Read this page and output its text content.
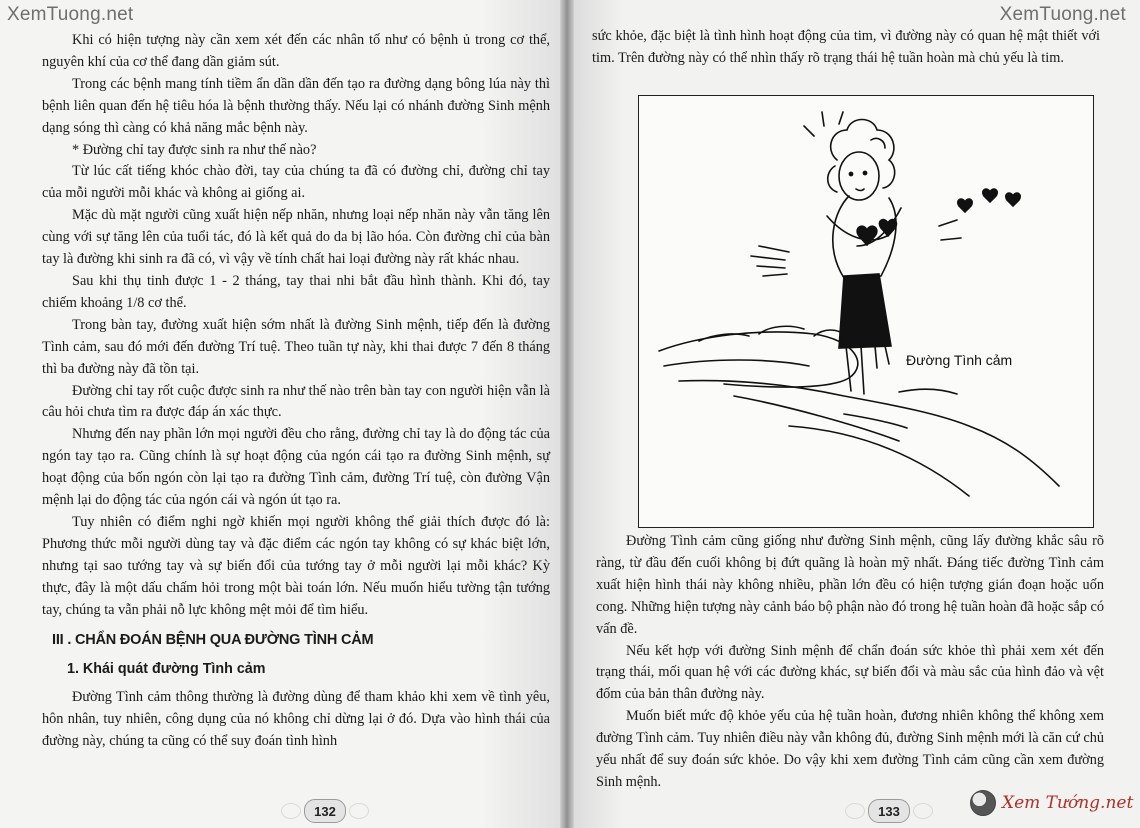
XemTuong.net	XemTuong.net

Khi có hiện tượng này cần xem xét đến các nhân tố như có bệnh ủ trong cơ thể, nguyên khí của cơ thể đang dần giảm sút.

Trong các bệnh mang tính tiềm ẩn dần dần đến tạo ra đường dạng bông lúa này thì bệnh liên quan đến hệ tiêu hóa là bệnh thường thấy. Nếu lại có nhánh đường Sinh mệnh dạng sóng thì càng có khả năng mắc bệnh này.

* Đường chỉ tay được sinh ra như thế nào?

Từ lúc cất tiếng khóc chào đời, tay của chúng ta đã có đường chỉ, đường chỉ tay của mỗi người mỗi khác và không ai giống ai.

Mặc dù mặt người cũng xuất hiện nếp nhăn, nhưng loại nếp nhăn này vẫn tăng lên cùng với sự tăng lên của tuổi tác, đó là kết quả do da bị lão hóa. Còn đường chỉ của bàn tay là đường khi sinh ra đã có, vì vậy về tính chất hai loại đường này rất khác nhau.

Sau khi thụ tinh được 1 - 2 tháng, tay thai nhi bắt đầu hình thành. Khi đó, tay chiếm khoảng 1/8 cơ thể.

Trong bàn tay, đường xuất hiện sớm nhất là đường Sinh mệnh, tiếp đến là đường Tình cảm, sau đó mới đến đường Trí tuệ. Theo tuần tự này, khi thai được 7 đến 8 tháng thì ba đường này đã tồn tại.

Đường chỉ tay rốt cuộc được sinh ra như thế nào trên bàn tay con người hiện vẫn là câu hỏi chưa tìm ra được đáp án xác thực.

Nhưng đến nay phần lớn mọi người đều cho rằng, đường chỉ tay là do động tác của ngón tay tạo ra. Cũng chính là sự hoạt động của ngón cái tạo ra đường Sinh mệnh, sự hoạt động của bốn ngón còn lại tạo ra đường Tình cảm, đường Trí tuệ, còn đường Vận mệnh lại do động tác của ngón cái và ngón út tạo ra.

Tuy nhiên có điểm nghi ngờ khiến mọi người không thể giải thích được đó là: Phương thức mỗi người dùng tay và đặc điểm các ngón tay không có sự khác biệt lớn, nhưng tại sao tướng tay và sự biến đổi của tướng tay ở mỗi người lại mỗi khác? Kỳ thực, đây là một dấu chấm hỏi trong một bài toán lớn. Nếu muốn hiểu tường tận tướng tay, chúng ta vẫn phải nỗ lực không mệt mỏi để tìm hiểu.

III . CHẨN ĐOÁN BỆNH QUA ĐƯỜNG TÌNH CẢM
1. Khái quát đường Tình cảm

Đường Tình cảm thông thường là đường dùng để tham khảo khi xem về tình yêu, hôn nhân, tuy nhiên, công dụng của nó không chỉ dừng lại ở đó. Dựa vào hình thái của đường này, chúng ta cũng có thể suy đoán tình hình

sức khỏe, đặc biệt là tình hình hoạt động của tim, vì đường này có quan hệ mật thiết với tim. Trên đường này có thể nhìn thấy rõ trạng thái hệ tuần hoàn mà chủ yếu là tim.

Đường Tình cảm

Đường Tình cảm cũng giống như đường Sinh mệnh, cũng lấy đường khắc sâu rõ ràng, từ đầu đến cuối không bị đứt quãng là hoàn mỹ nhất. Đáng tiếc đường Tình cảm xuất hiện hình thái này không nhiều, phần lớn đều có hiện tượng gián đoạn hoặc uốn cong. Những hiện tượng này cảnh báo bộ phận nào đó trong hệ tuần hoàn đã hoặc sắp có vấn đề.

Nếu kết hợp với đường Sinh mệnh để chẩn đoán sức khỏe thì phải xem xét đến trạng thái, mối quan hệ với các đường khác, sự biến đổi và màu sắc của hình đảo và vệt đốm của bản thân đường này.

Muốn biết mức độ khỏe yếu của hệ tuần hoàn, đương nhiên không thể không xem đường Tình cảm. Tuy nhiên điều này vẫn không đủ, đường Sinh mệnh mới là căn cứ chủ yếu nhất để suy đoán sức khỏe. Do vậy khi xem đường Tình cảm cũng cần xem đường Sinh mệnh.

132	133	Xem Tướng.net
